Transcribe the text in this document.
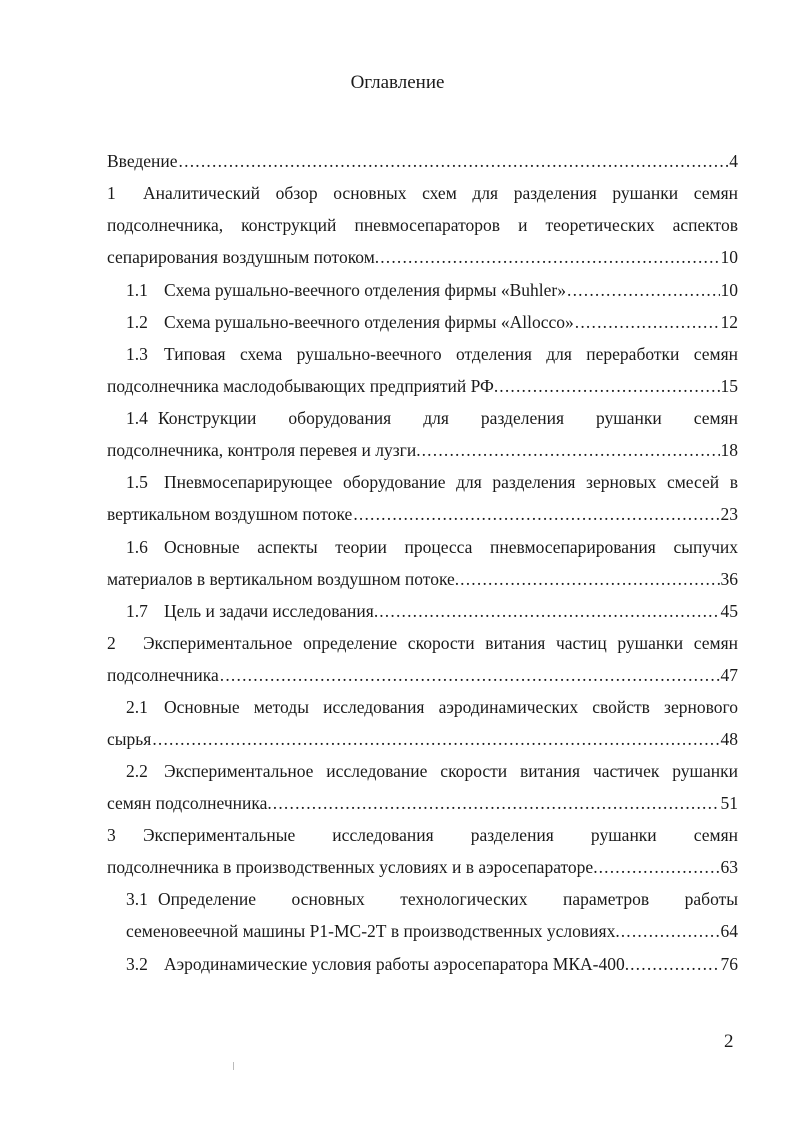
Оглавление
Введение .....	4
1 Аналитический обзор основных схем для разделения рушанки семян
подсолнечника, конструкций пневмосепараторов и теоретических аспектов
сепарирования воздушным потоком. .....	10
1.1 Схема рушально-веечного отделения фирмы «Buhler» .....	10
1.2 Схема рушально-веечного отделения фирмы «Allocco» .....	12
1.3 Типовая схема рушально-веечного отделения для переработки семян
подсолнечника маслодобывающих предприятий РФ. .....	15
1.4 Конструкции оборудования для разделения рушанки семян
подсолнечника, контроля перевея и лузги. .....	18
1.5 Пневмосепарирующее оборудование для разделения зерновых смесей в
вертикальном воздушном потоке .....	23
1.6 Основные аспекты теории процесса пневмосепарирования сыпучих
материалов в вертикальном воздушном потоке. .....	36
1.7 Цель и задачи исследования. .....	45
2 Экспериментальное определение скорости витания частиц рушанки семян
подсолнечника .....	47
2.1 Основные методы исследования аэродинамических свойств зернового
сырья .....	48
2.2 Экспериментальное исследование скорости витания частичек рушанки
семян подсолнечника. .....	51
3 Экспериментальные исследования разделения рушанки семян
подсолнечника в производственных условиях и в аэросепараторе. .....	63
3.1 Определение основных технологических параметров работы
семеновеечной машины Р1-МС-2Т в производственных условиях. .....	64
3.2 Аэродинамические условия работы аэросепаратора МКА-400. .....	76
2
